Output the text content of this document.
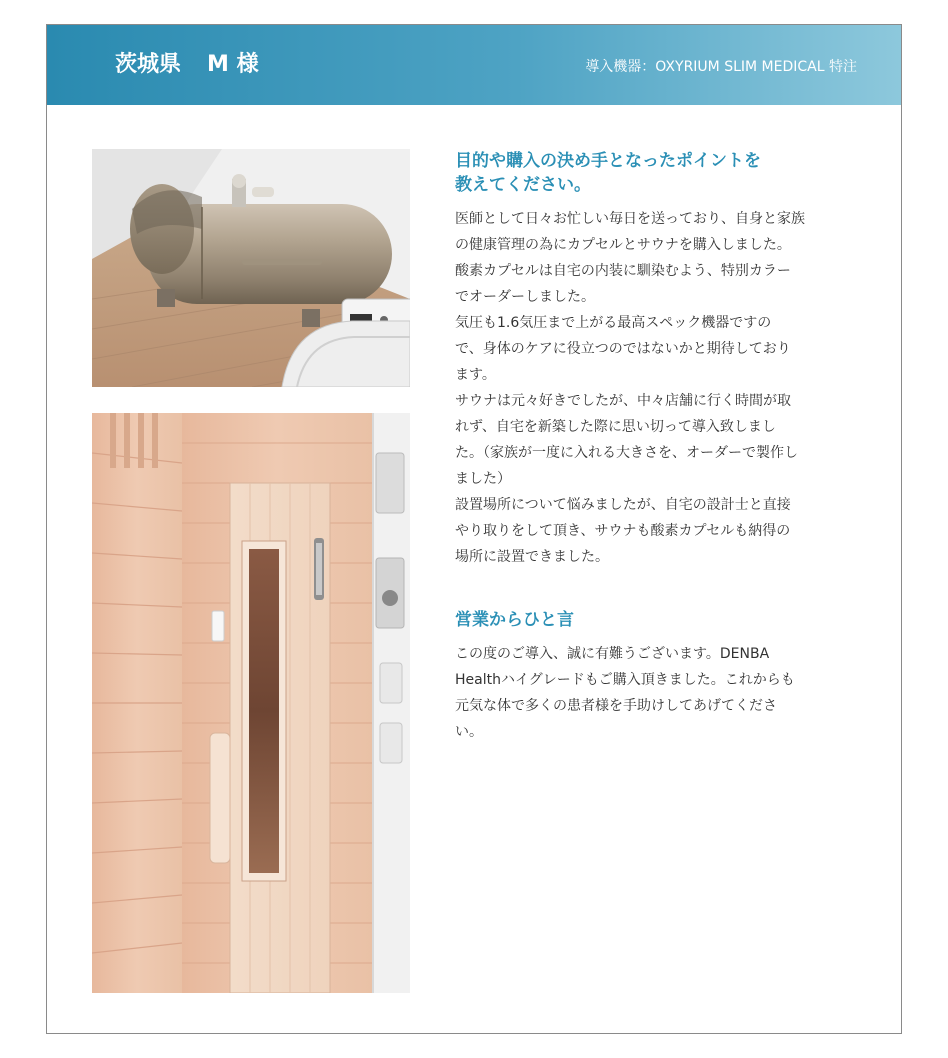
茨城県 M 様	導入機器：OXYRIUM SLIM MEDICAL 特注

目的や購入の決め手となったポイントを
教えてください。

医師として日々お忙しい毎日を送っており、自身と家族
の健康管理の為にカプセルとサウナを購入しました。
酸素カプセルは自宅の内装に馴染むよう、特別カラー
でオーダーしました。
気圧も1.6気圧まで上がる最高スペック機器ですの
で、身体のケアに役立つのではないかと期待しており
ます。
サウナは元々好きでしたが、中々店舗に行く時間が取
れず、自宅を新築した際に思い切って導入致しまし
た。（家族が一度に入れる大きさを、オーダーで製作し
ました）
設置場所について悩みましたが、自宅の設計士と直接
やり取りをして頂き、サウナも酸素カプセルも納得の
場所に設置できました。

営業からひと言

この度のご導入、誠に有難うございます。DENBA
Healthハイグレードもご購入頂きました。これからも
元気な体で多くの患者様を手助けしてあげてくださ
い。
